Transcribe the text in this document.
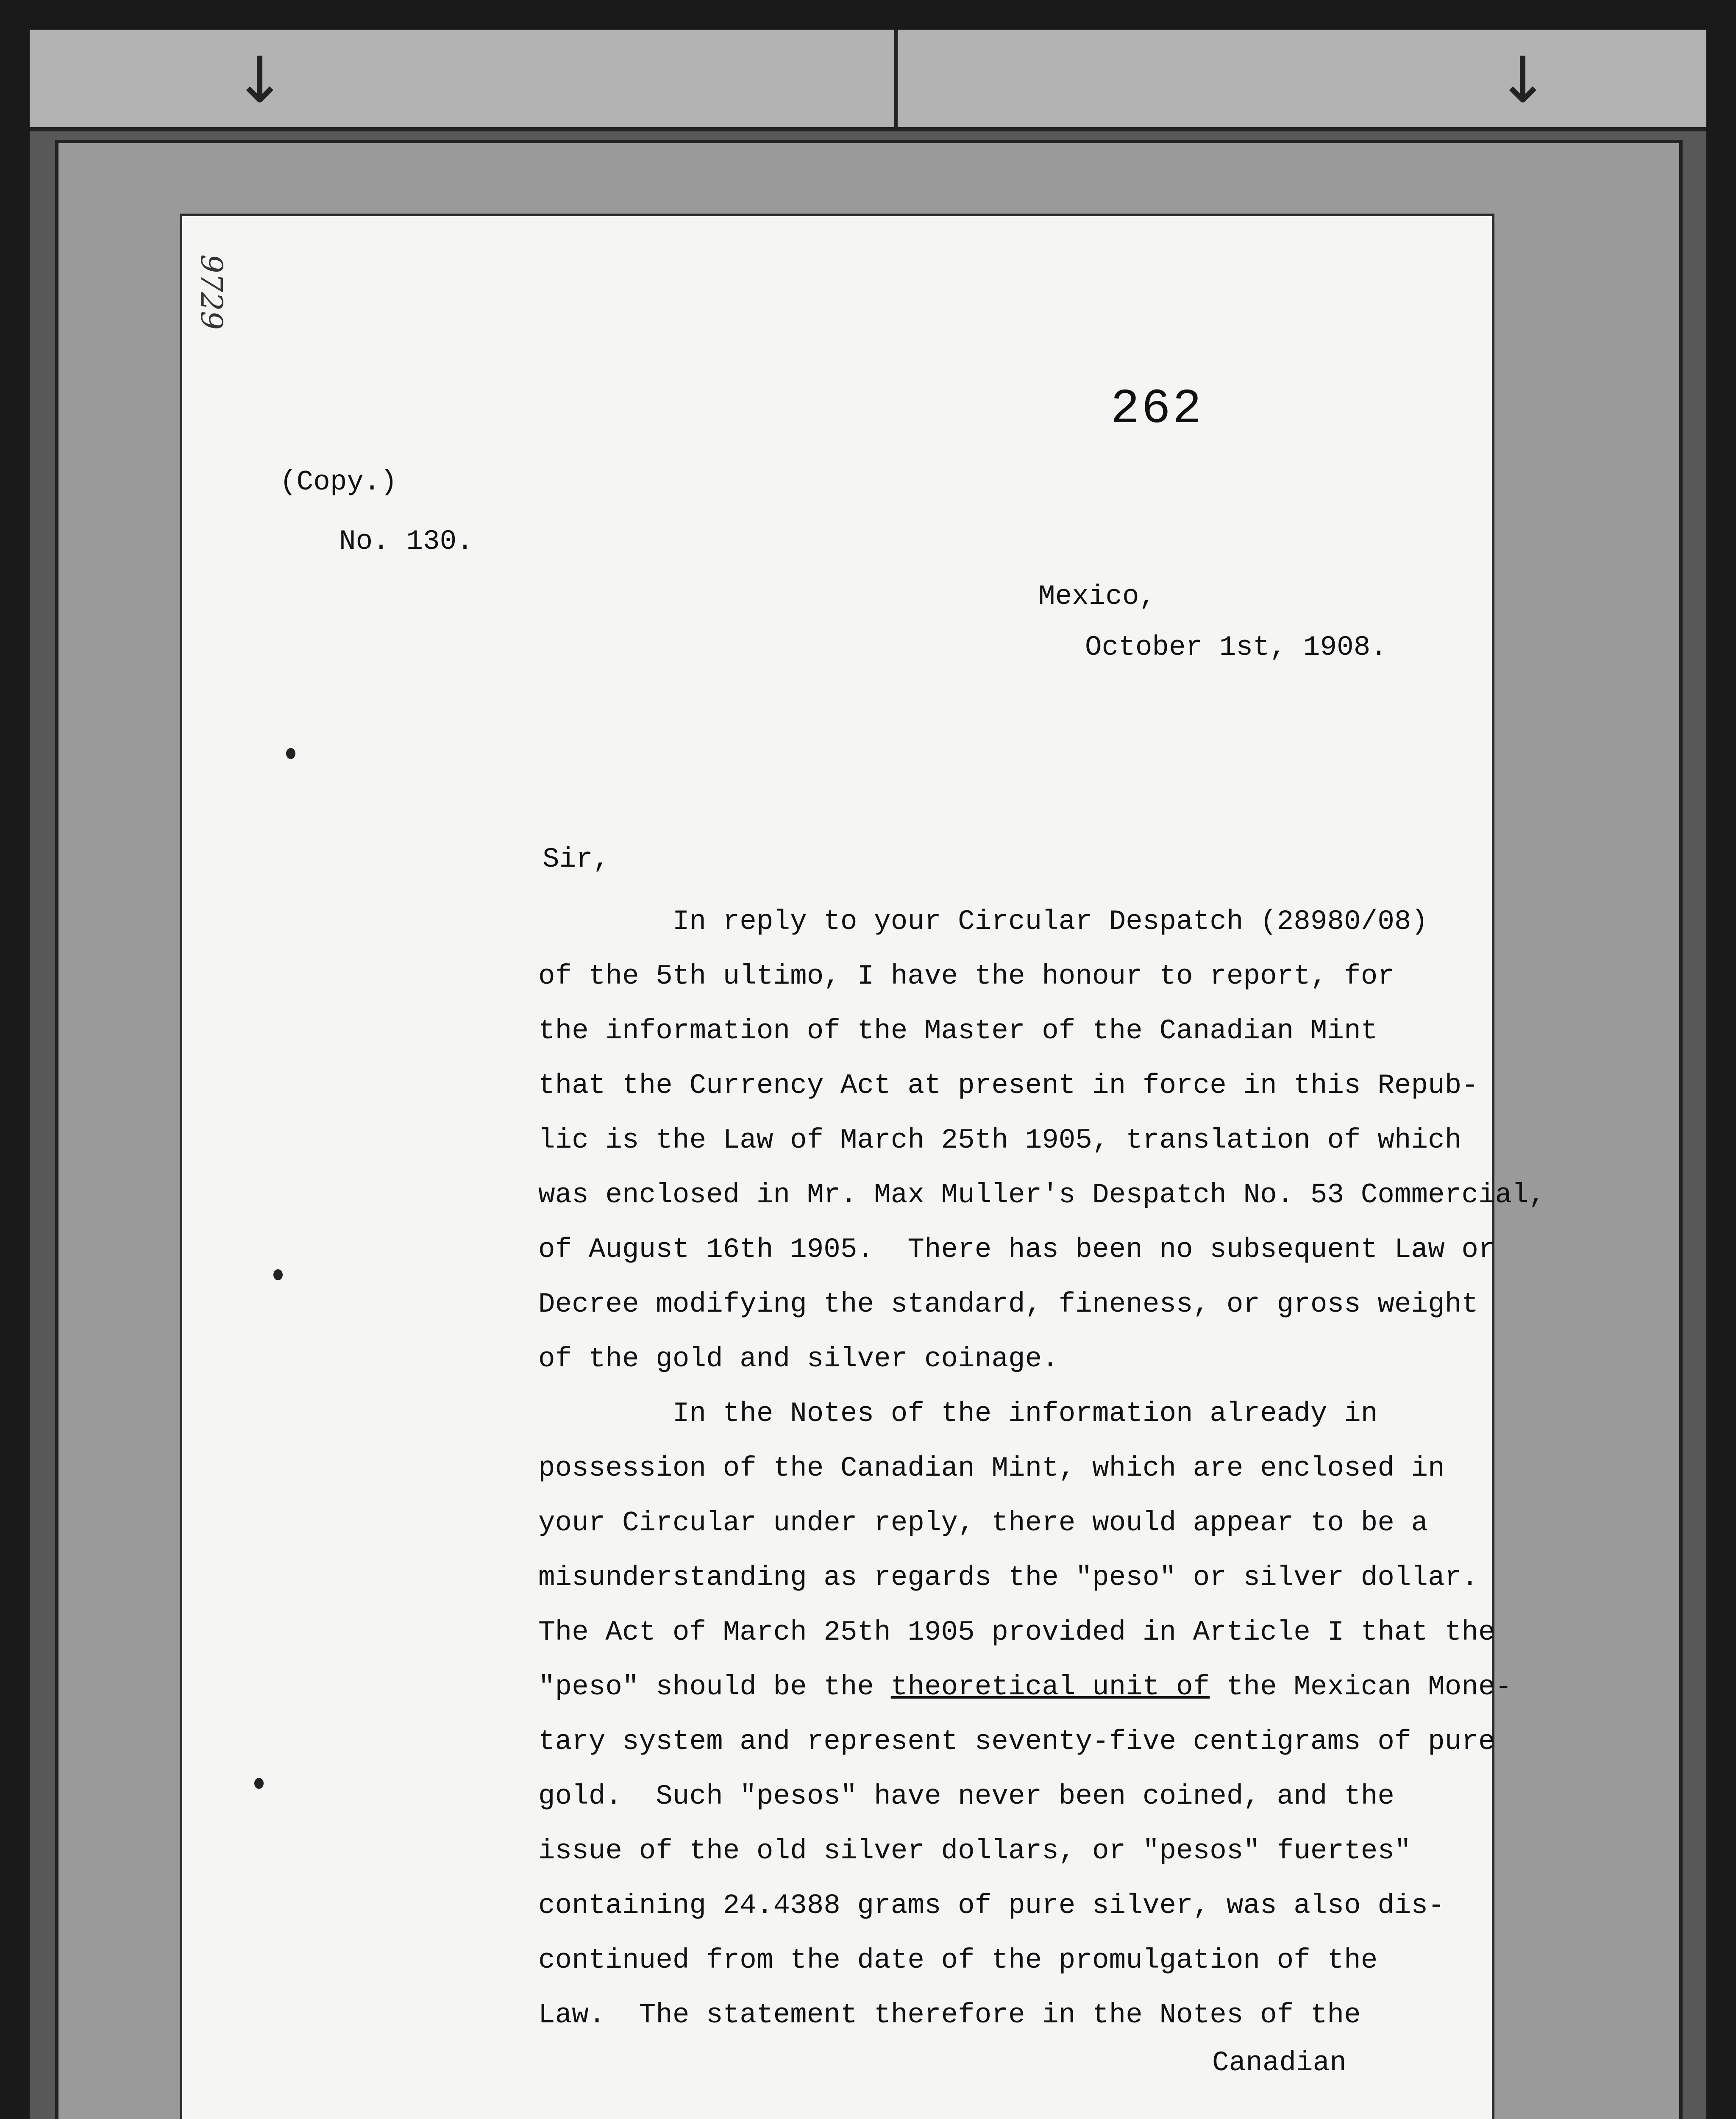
↓	↓
9729
262
(Copy.)
No. 130.
Mexico,
October 1st, 1908.
Sir,
In reply to your Circular Despatch (28980/08)
of the 5th ultimo, I have the honour to report, for
the information of the Master of the Canadian Mint
that the Currency Act at present in force in this Repub-
lic is the Law of March 25th 1905, translation of which
was enclosed in Mr. Max Muller's Despatch No. 53 Commercial,
of August 16th 1905.  There has been no subsequent Law or
Decree modifying the standard, fineness, or gross weight
of the gold and silver coinage.
In the Notes of the information already in
possession of the Canadian Mint, which are enclosed in
your Circular under reply, there would appear to be a
misunderstanding as regards the "peso" or silver dollar.
The Act of March 25th 1905 provided in Article I that the
"peso" should be the theoretical unit of the Mexican Mone-
tary system and represent seventy-five centigrams of pure
gold.  Such "pesos" have never been coined, and the
issue of the old silver dollars, or "pesos" fuertes"
containing 24.4388 grams of pure silver, was also dis-
continued from the date of the promulgation of the
Law.  The statement therefore in the Notes of the
Canadian
